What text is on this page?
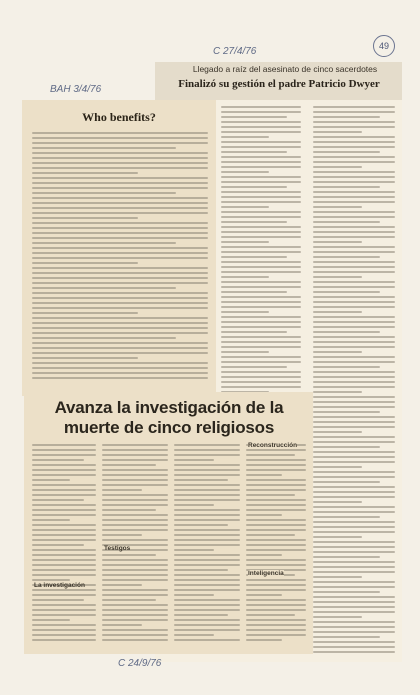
C 27/4/76
BAH 3/4/76
49
Llegado a raíz del asesinato de cinco sacerdotes
Finalizó su gestión el padre Patricio Dwyer
Who benefits?
Avanza la investigación de la
muerte de cinco religiosos
La investigación
Testigos
Reconstrucción
Inteligencia
C 24/9/76
